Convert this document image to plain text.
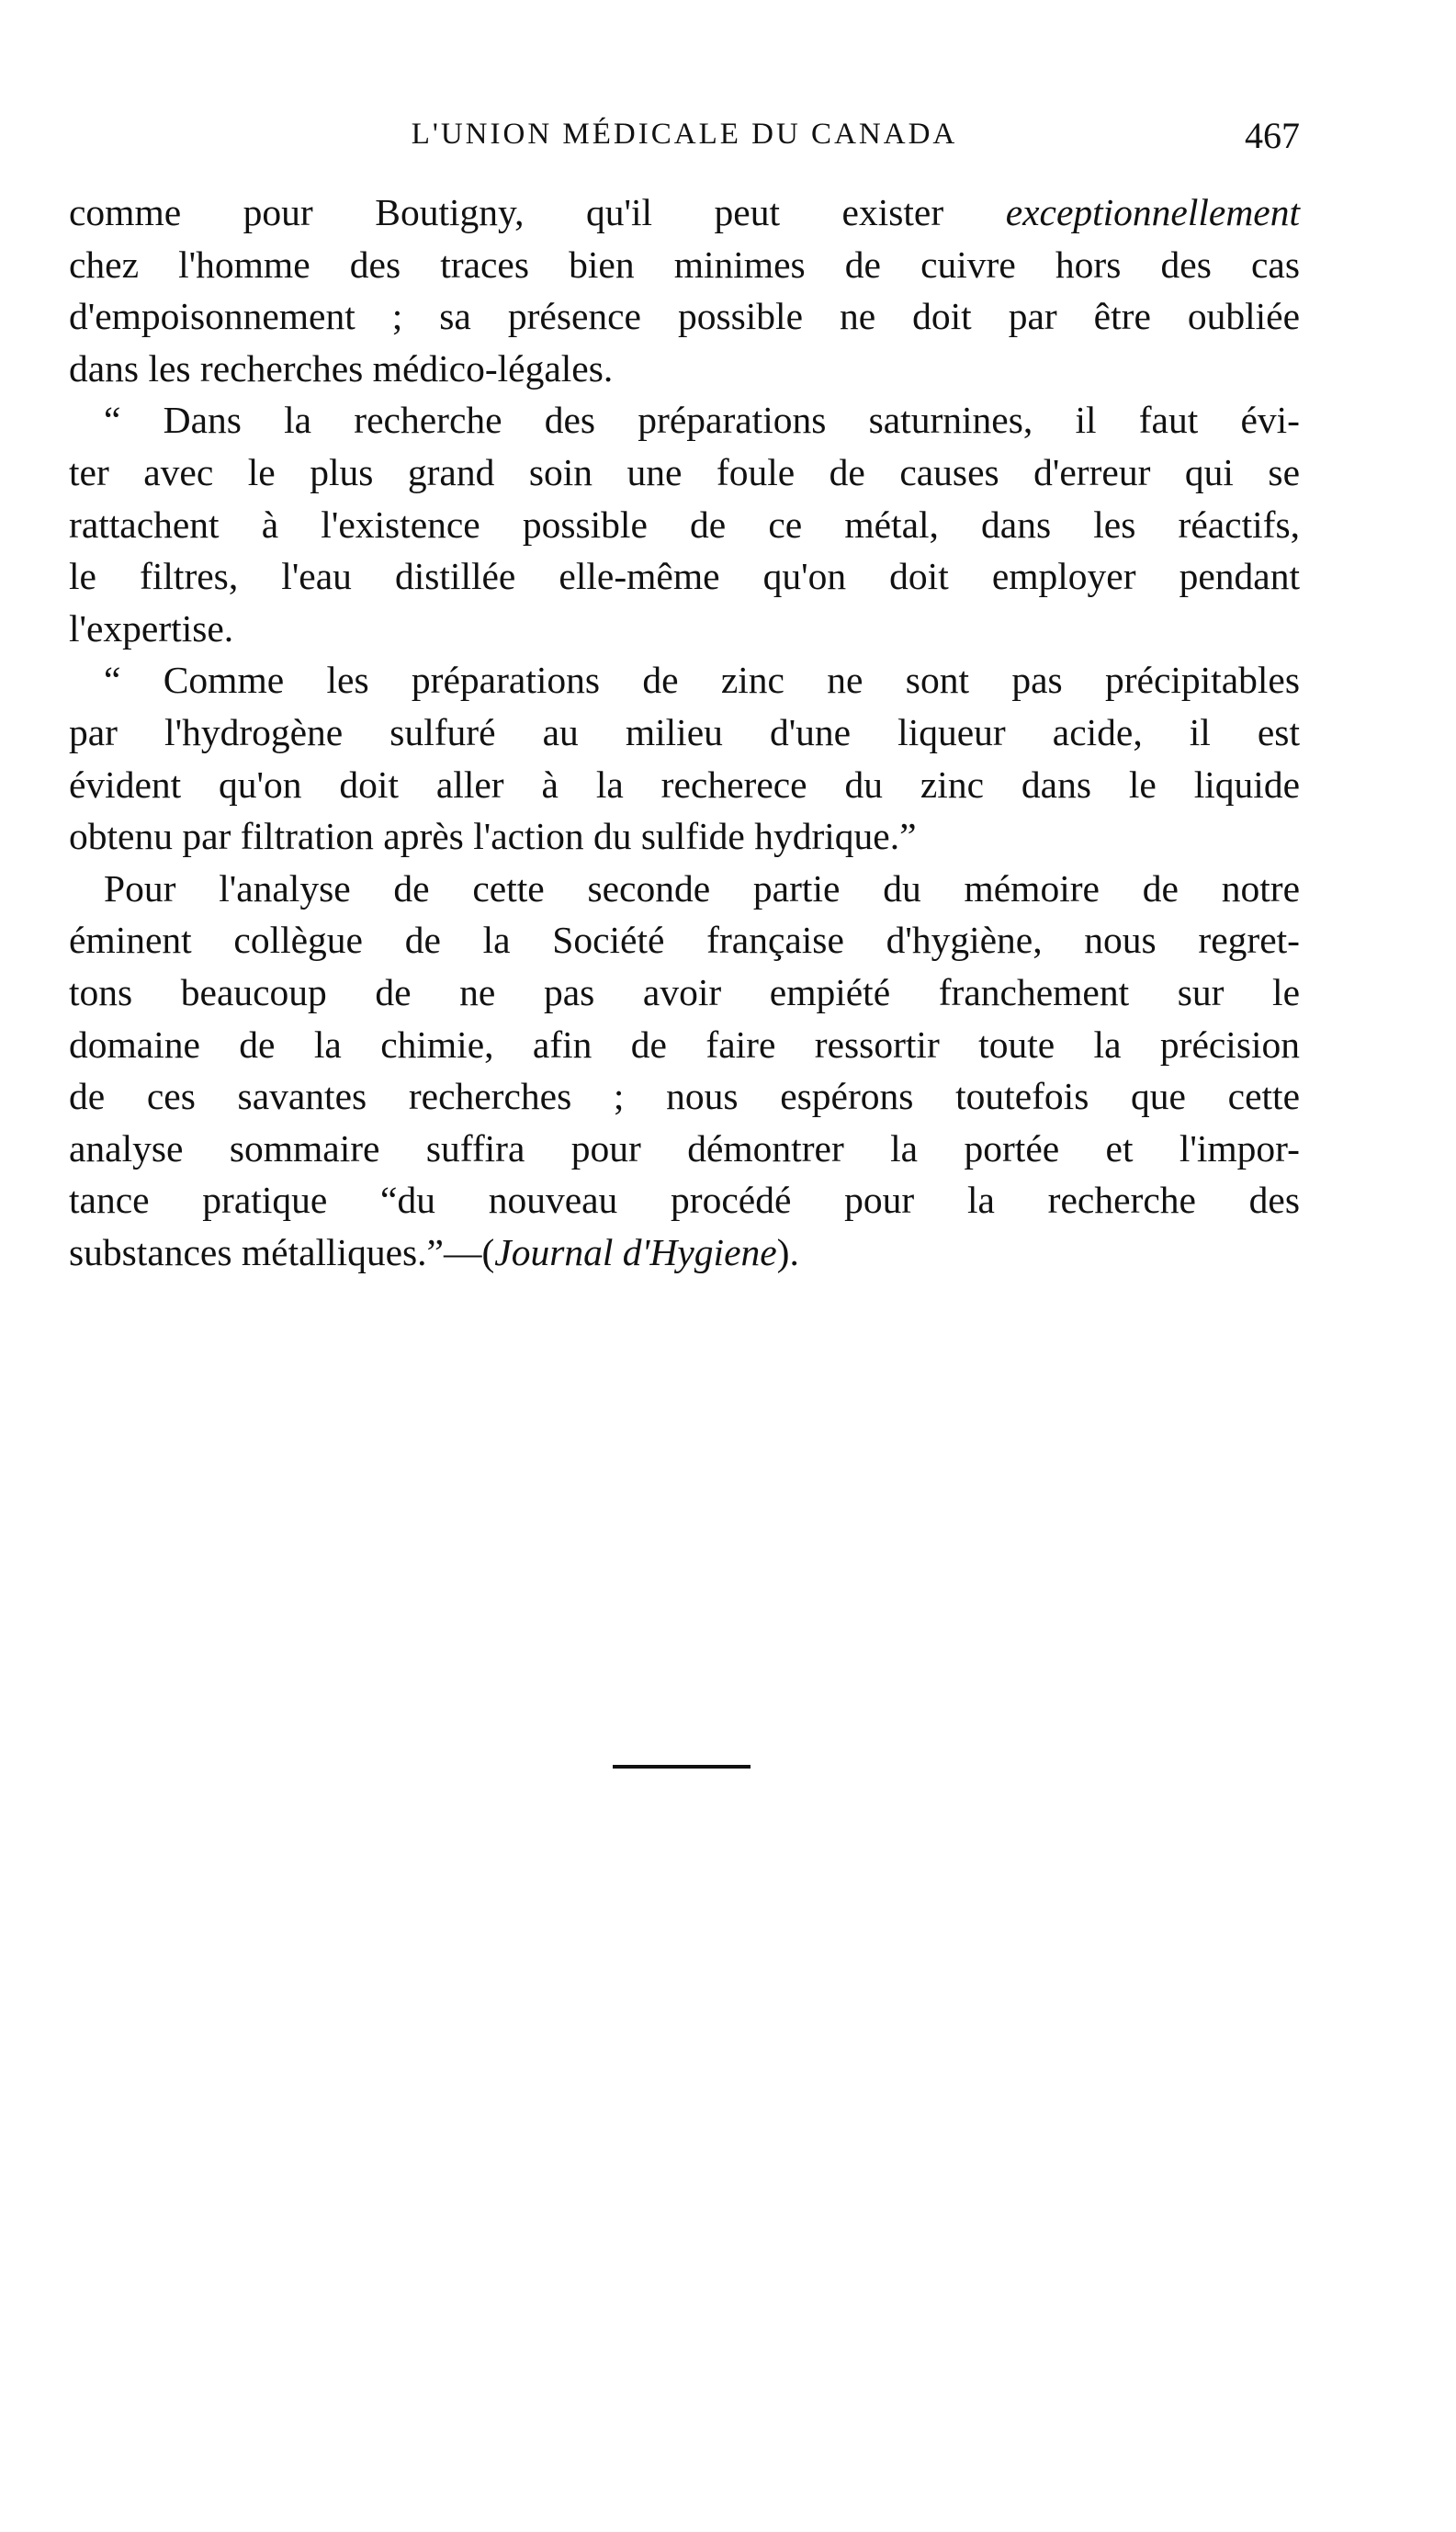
L'UNION MÉDICALE DU CANADA	467
comme pour Boutigny, qu'il peut exister exceptionnellement
chez l'homme des traces bien minimes de cuivre hors des cas
d'empoisonnement ; sa présence possible ne doit par être oubliée
dans les recherches médico-légales.
“ Dans la recherche des préparations saturnines, il faut évi-
ter avec le plus grand soin une foule de causes d'erreur qui se
rattachent à l'existence possible de ce métal, dans les réactifs,
le filtres, l'eau distillée elle-même qu'on doit employer pendant
l'expertise.
“ Comme les préparations de zinc ne sont pas précipitables
par l'hydrogène sulfuré au milieu d'une liqueur acide, il est
évident qu'on doit aller à la recherece du zinc dans le liquide
obtenu par filtration après l'action du sulfide hydrique.”
Pour l'analyse de cette seconde partie du mémoire de notre
éminent collègue de la Société française d'hygiène, nous regret-
tons beaucoup de ne pas avoir empiété franchement sur le
domaine de la chimie, afin de faire ressortir toute la précision
de ces savantes recherches ; nous espérons toutefois que cette
analyse sommaire suffira pour démontrer la portée et l'impor-
tance pratique “du nouveau procédé pour la recherche des
substances métalliques.”—(Journal d'Hygiene).
